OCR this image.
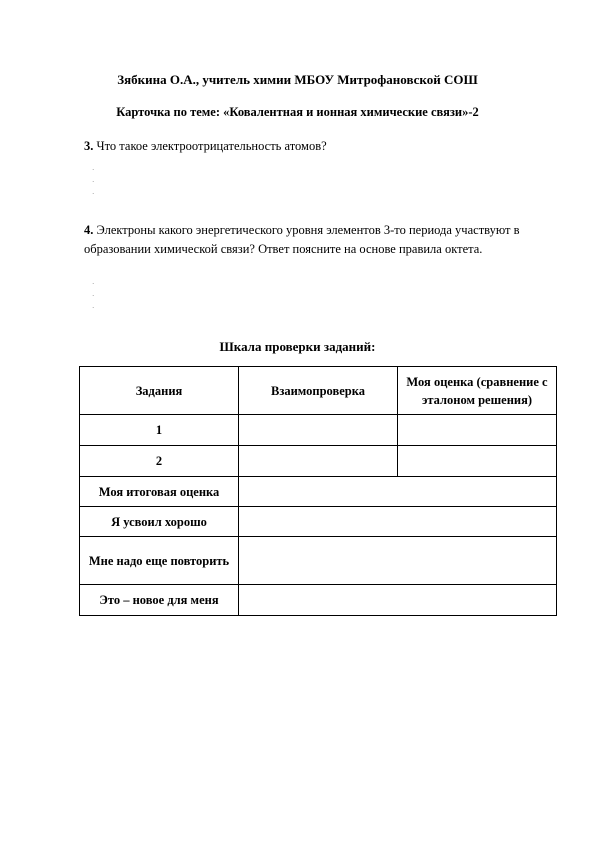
Зябкина О.А., учитель химии МБОУ Митрофановской СОШ
Карточка по теме: «Ковалентная и ионная химические связи»-2
3. Что такое электроотрицательность атомов?
·
·
·
4. Электроны какого энергетического уровня элементов 3-то периода участвуют в образовании химической связи? Ответ поясните на основе правила октета.
·
·
·
Шкала проверки заданий:
Задания	Взаимопроверка	Моя оценка (сравнение с эталоном решения)
1		
2		
Моя итоговая оценка		
Я усвоил хорошо		
Мне надо еще повторить		
Это – новое для меня		
